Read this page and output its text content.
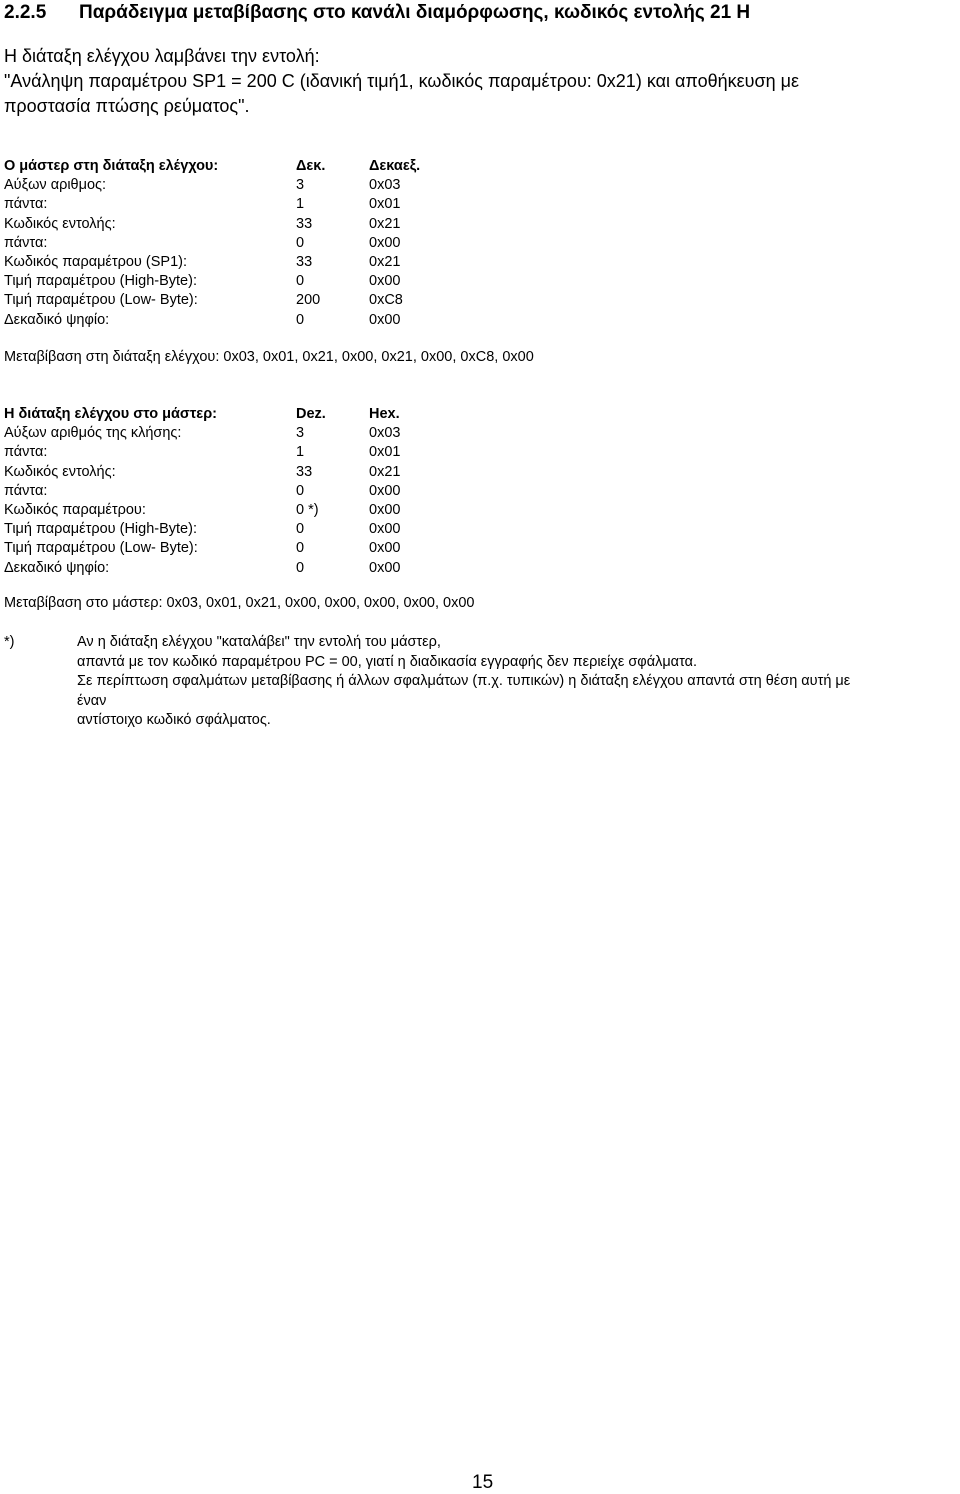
2.2.5 Παράδειγμα μεταβίβασης στο κανάλι διαμόρφωσης, κωδικός εντολής 21 H
H διάταξη ελέγχου λαμβάνει την εντολή:
"Ανάληψη παραμέτρου SP1 = 200 C (ιδανική τιμή1, κωδικός παραμέτρου: 0x21) και αποθήκευση με
προστασία πτώσης ρεύματος".
Ο μάστερ στη διάταξη ελέγχου:	Δεκ.	Δεκαεξ.
Αύξων αριθμος:	3	0x03
πάντα:	1	0x01
Κωδικός εντολής:	33	0x21
πάντα:	0	0x00
Κωδικός παραμέτρου (SP1):	33	0x21
Τιμή παραμέτρου (High-Byte):	0	0x00
Τιμή παραμέτρου (Low- Byte):	200	0xC8
Δεκαδικό ψηφίο:	0	0x00
Μεταβίβαση στη διάταξη ελέγχου: 0x03, 0x01, 0x21, 0x00, 0x21, 0x00, 0xC8, 0x00
Η διάταξη ελέγχου στο μάστερ:	Dez.	Hex.
Αύξων αριθμός της κλήσης:	3	0x03
πάντα:	1	0x01
Κωδικός εντολής:	33	0x21
πάντα:	0	0x00
Κωδικός παραμέτρου:	0 *)	0x00
Τιμή παραμέτρου (High-Byte):	0	0x00
Τιμή παραμέτρου (Low- Byte):	0	0x00
Δεκαδικό ψηφίο:	0	0x00
Μεταβίβαση στο μάστερ: 0x03, 0x01, 0x21, 0x00, 0x00, 0x00, 0x00, 0x00
*)	Αν η διάταξη ελέγχου "καταλάβει" την εντολή του μάστερ,
απαντά με τον κωδικό παραμέτρου PC = 00, γιατί η διαδικασία εγγραφής δεν περιείχε σφάλματα.
Σε περίπτωση σφαλμάτων μεταβίβασης ή άλλων σφαλμάτων (π.χ. τυπικών) η διάταξη ελέγχου απαντά στη θέση αυτή με
έναν
αντίστοιχο κωδικό σφάλματος.
15
